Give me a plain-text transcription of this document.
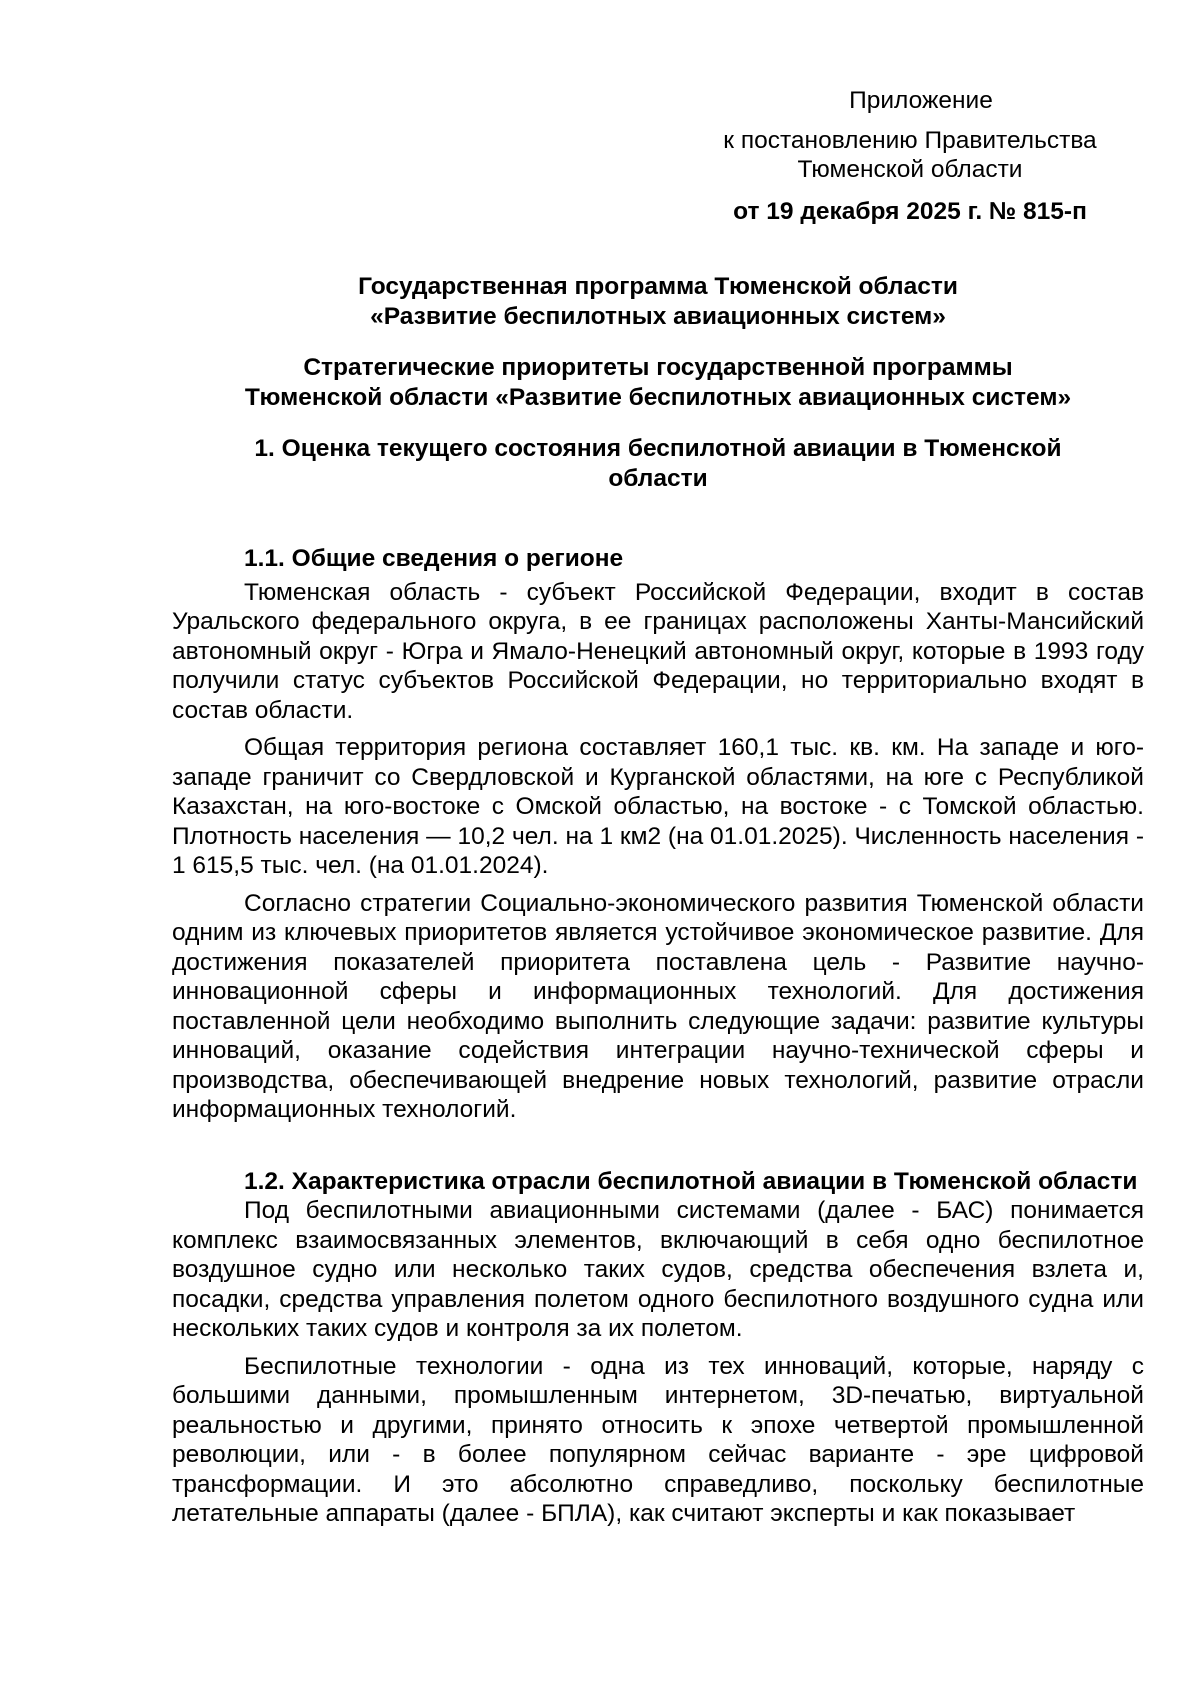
Приложение
к постановлению Правительства
Тюменской области
от 19 декабря 2025 г. № 815-п
Государственная программа Тюменской области
«Развитие беспилотных авиационных систем»
Стратегические приоритеты государственной программы
Тюменской области «Развитие беспилотных авиационных систем»
1. Оценка текущего состояния беспилотной авиации в Тюменской
области
1.1. Общие сведения о регионе

Тюменская область - субъект Российской Федерации, входит в состав Уральского федерального округа, в ее границах расположены Ханты-Мансийский автономный округ - Югра и Ямало-Ненецкий автономный округ, которые в 1993 году получили статус субъектов Российской Федерации, но территориально входят в состав области.

Общая территория региона составляет 160,1 тыс. кв. км. На западе и юго-западе граничит со Свердловской и Курганской областями, на юге с Республикой Казахстан, на юго-востоке с Омской областью, на востоке - с Томской областью. Плотность населения — 10,2 чел. на 1 км2 (на 01.01.2025). Численность населения - 1 615,5 тыс. чел. (на 01.01.2024).

Согласно стратегии Социально-экономического развития Тюменской области одним из ключевых приоритетов является устойчивое экономическое развитие. Для достижения показателей приоритета поставлена цель - Развитие научно-инновационной сферы и информационных технологий. Для достижения поставленной цели необходимо выполнить следующие задачи: развитие культуры инноваций, оказание содействия интеграции научно-технической сферы и производства, обеспечивающей внедрение новых технологий, развитие отрасли информационных технологий.

1.2. Характеристика отрасли беспилотной авиации в Тюменской области

Под беспилотными авиационными системами (далее - БАС) понимается комплекс взаимосвязанных элементов, включающий в себя одно беспилотное воздушное судно или несколько таких судов, средства обеспечения взлета и, посадки, средства управления полетом одного беспилотного воздушного судна или нескольких таких судов и контроля за их полетом.

Беспилотные технологии - одна из тех инноваций, которые, наряду с большими данными, промышленным интернетом, 3D-печатью, виртуальной реальностью и другими, принято относить к эпохе четвертой промышленной революции, или - в более популярном сейчас варианте - эре цифровой трансформации. И это абсолютно справедливо, поскольку беспилотные летательные аппараты (далее - БПЛА), как считают эксперты и как показывает
